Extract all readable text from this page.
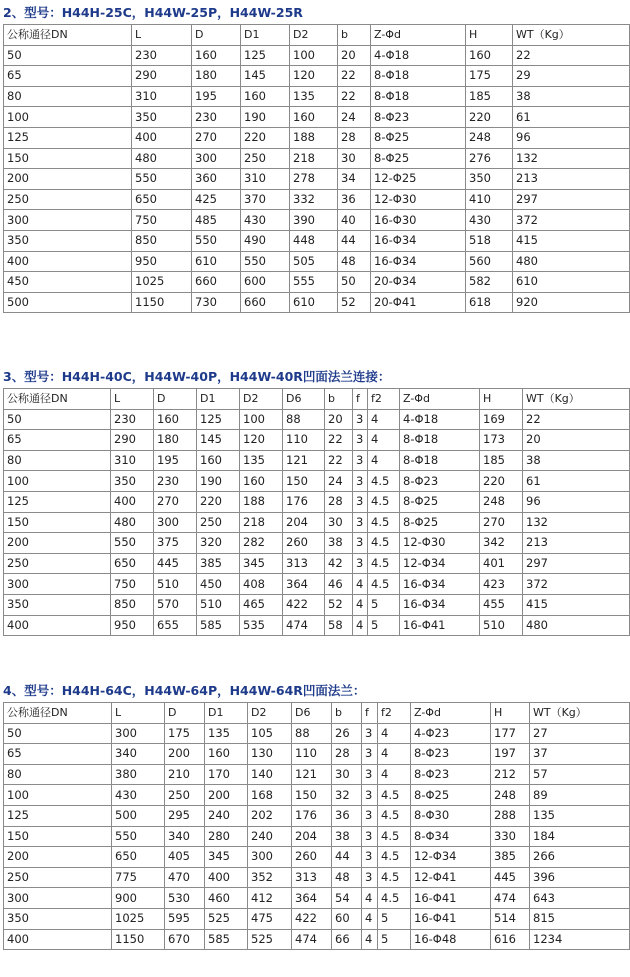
2、型号：H44H-25C，H44W-25P，H44W-25R
公称通径DN	L	D	D1	D2	b	Z-Φd	H	WT（Kg）
50	230	160	125	100	20	4-Φ18	160	22
65	290	180	145	120	22	8-Φ18	175	29
80	310	195	160	135	22	8-Φ18	185	38
100	350	230	190	160	24	8-Φ23	220	61
125	400	270	220	188	28	8-Φ25	248	96
150	480	300	250	218	30	8-Φ25	276	132
200	550	360	310	278	34	12-Φ25	350	213
250	650	425	370	332	36	12-Φ30	410	297
300	750	485	430	390	40	16-Φ30	430	372
350	850	550	490	448	44	16-Φ34	518	415
400	950	610	550	505	48	16-Φ34	560	480
450	1025	660	600	555	50	20-Φ34	582	610
500	1150	730	660	610	52	20-Φ41	618	920
3、型号：H44H-40C，H44W-40P，H44W-40R凹面法兰连接：
公称通径DN	L	D	D1	D2	D6	b	f	f2	Z-Φd	H	WT（Kg）
50	230	160	125	100	88	20	3	4	4-Φ18	169	22
65	290	180	145	120	110	22	3	4	8-Φ18	173	20
80	310	195	160	135	121	22	3	4	8-Φ18	185	38
100	350	230	190	160	150	24	3	4.5	8-Φ23	220	61
125	400	270	220	188	176	28	3	4.5	8-Φ25	248	96
150	480	300	250	218	204	30	3	4.5	8-Φ25	270	132
200	550	375	320	282	260	38	3	4.5	12-Φ30	342	213
250	650	445	385	345	313	42	3	4.5	12-Φ34	401	297
300	750	510	450	408	364	46	4	4.5	16-Φ34	423	372
350	850	570	510	465	422	52	4	5	16-Φ34	455	415
400	950	655	585	535	474	58	4	5	16-Φ41	510	480
4、型号：H44H-64C，H44W-64P，H44W-64R凹面法兰：
公称通径DN	L	D	D1	D2	D6	b	f	f2	Z-Φd	H	WT（Kg）
50	300	175	135	105	88	26	3	4	4-Φ23	177	27
65	340	200	160	130	110	28	3	4	8-Φ23	197	37
80	380	210	170	140	121	30	3	4	8-Φ23	212	57
100	430	250	200	168	150	32	3	4.5	8-Φ25	248	89
125	500	295	240	202	176	36	3	4.5	8-Φ30	288	135
150	550	340	280	240	204	38	3	4.5	8-Φ34	330	184
200	650	405	345	300	260	44	3	4.5	12-Φ34	385	266
250	775	470	400	352	313	48	3	4.5	12-Φ41	445	396
300	900	530	460	412	364	54	4	4.5	16-Φ41	474	643
350	1025	595	525	475	422	60	4	5	16-Φ41	514	815
400	1150	670	585	525	474	66	4	5	16-Φ48	616	1234
